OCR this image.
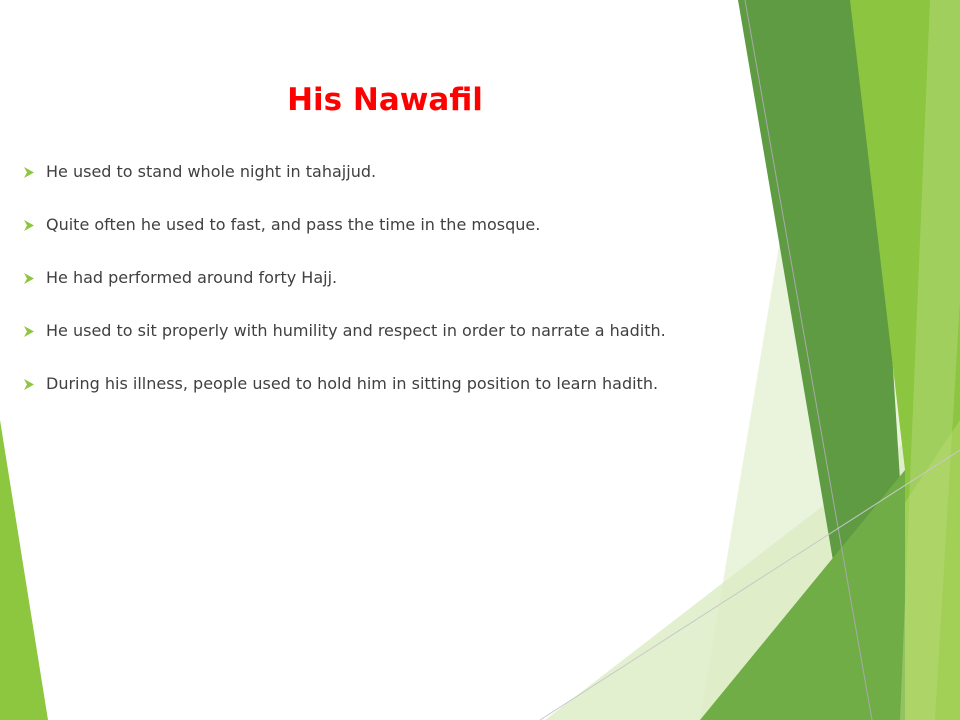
His Nawafil
He used to stand whole night in tahajjud.
Quite often he used to fast, and pass the time in the mosque.
He had performed around forty Hajj.
He used to sit properly with humility and respect in order to narrate a hadith.
During his illness, people used to hold him in sitting position to learn hadith.
